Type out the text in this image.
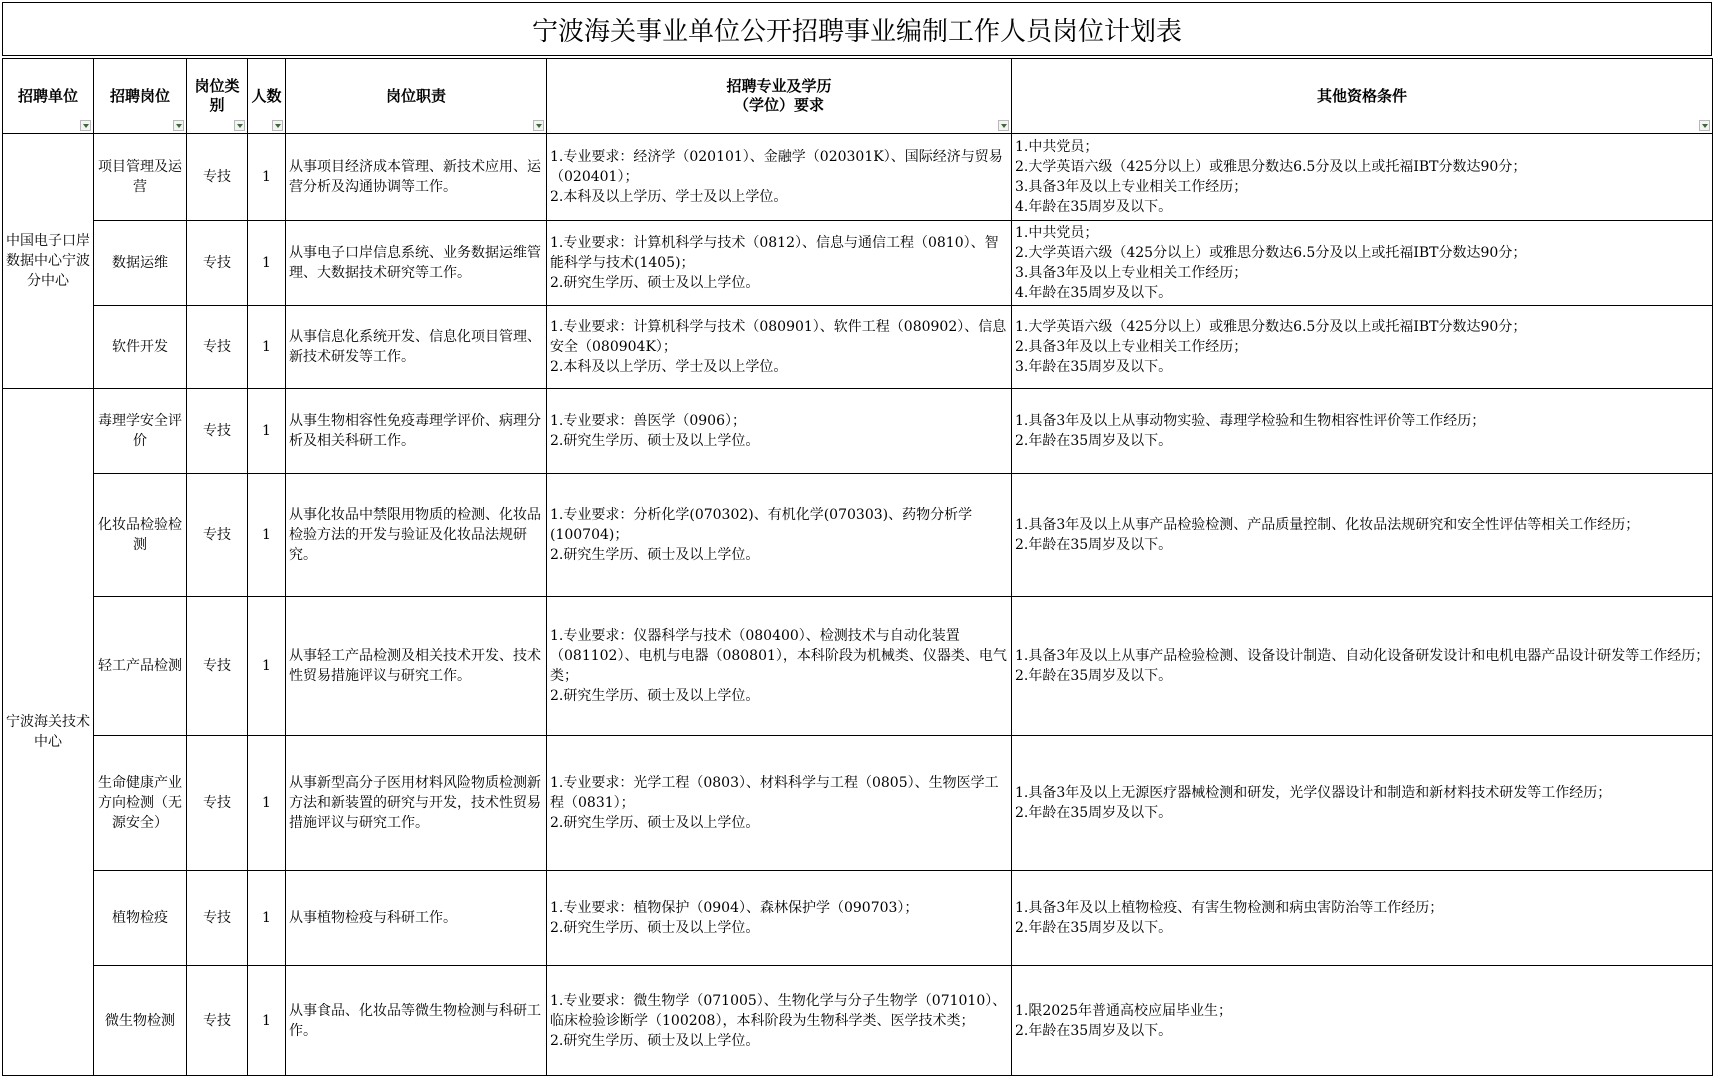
宁波海关事业单位公开招聘事业编制工作人员岗位计划表
招聘单位	招聘岗位	岗位类别	人数	岗位职责	招聘专业及学历
（学位）要求	其他资格条件

中国电子口岸数据中心宁波分中心	项目管理及运营	专技	1	从事项目经济成本管理、新技术应用、运营分析及沟通协调等工作。	1.专业要求：经济学（020101）、金融学（020301K）、国际经济与贸易（020401）；
2.本科及以上学历、学士及以上学位。	1.中共党员；
2.大学英语六级（425分以上）或雅思分数达6.5分及以上或托福IBT分数达90分；
3.具备3年及以上专业相关工作经历；
4.年龄在35周岁及以下。
	数据运维	专技	1	从事电子口岸信息系统、业务数据运维管理、大数据技术研究等工作。	1.专业要求：计算机科学与技术（0812）、信息与通信工程（0810）、智能科学与技术(1405)；
2.研究生学历、硕士及以上学位。	1.中共党员；
2.大学英语六级（425分以上）或雅思分数达6.5分及以上或托福IBT分数达90分；
3.具备3年及以上专业相关工作经历；
4.年龄在35周岁及以下。
	软件开发	专技	1	从事信息化系统开发、信息化项目管理、新技术研发等工作。	1.专业要求：计算机科学与技术（080901）、软件工程（080902）、信息安全（080904K）；
2.本科及以上学历、学士及以上学位。	1.大学英语六级（425分以上）或雅思分数达6.5分及以上或托福IBT分数达90分；
2.具备3年及以上专业相关工作经历；
3.年龄在35周岁及以下。
宁波海关技术中心	毒理学安全评价	专技	1	从事生物相容性免疫毒理学评价、病理分析及相关科研工作。	1.专业要求：兽医学（0906）；
2.研究生学历、硕士及以上学位。	1.具备3年及以上从事动物实验、毒理学检验和生物相容性评价等工作经历；
2.年龄在35周岁及以下。
	化妆品检验检测	专技	1	从事化妆品中禁限用物质的检测、化妆品检验方法的开发与验证及化妆品法规研究。	1.专业要求：分析化学(070302)、有机化学(070303)、药物分析学(100704)；
2.研究生学历、硕士及以上学位。	1.具备3年及以上从事产品检验检测、产品质量控制、化妆品法规研究和安全性评估等相关工作经历；
2.年龄在35周岁及以下。
	轻工产品检测	专技	1	从事轻工产品检测及相关技术开发、技术性贸易措施评议与研究工作。	1.专业要求：仪器科学与技术（080400）、检测技术与自动化装置（081102）、电机与电器（080801），本科阶段为机械类、仪器类、电气类；
2.研究生学历、硕士及以上学位。	1.具备3年及以上从事产品检验检测、设备设计制造、自动化设备研发设计和电机电器产品设计研发等工作经历；
2.年龄在35周岁及以下。
	生命健康产业方向检测（无源安全）	专技	1	从事新型高分子医用材料风险物质检测新方法和新装置的研究与开发，技术性贸易措施评议与研究工作。	1.专业要求：光学工程（0803）、材料科学与工程（0805）、生物医学工程（0831）；
2.研究生学历、硕士及以上学位。	1.具备3年及以上无源医疗器械检测和研发，光学仪器设计和制造和新材料技术研发等工作经历；
2.年龄在35周岁及以下。
	植物检疫	专技	1	从事植物检疫与科研工作。	1.专业要求：植物保护（0904）、森林保护学（090703）；
2.研究生学历、硕士及以上学位。	1.具备3年及以上植物检疫、有害生物检测和病虫害防治等工作经历；
2.年龄在35周岁及以下。
	微生物检测	专技	1	从事食品、化妆品等微生物检测与科研工作。	1.专业要求：微生物学（071005）、生物化学与分子生物学（071010）、临床检验诊断学（100208），本科阶段为生物科学类、医学技术类；
2.研究生学历、硕士及以上学位。	1.限2025年普通高校应届毕业生；
2.年龄在35周岁及以下。
